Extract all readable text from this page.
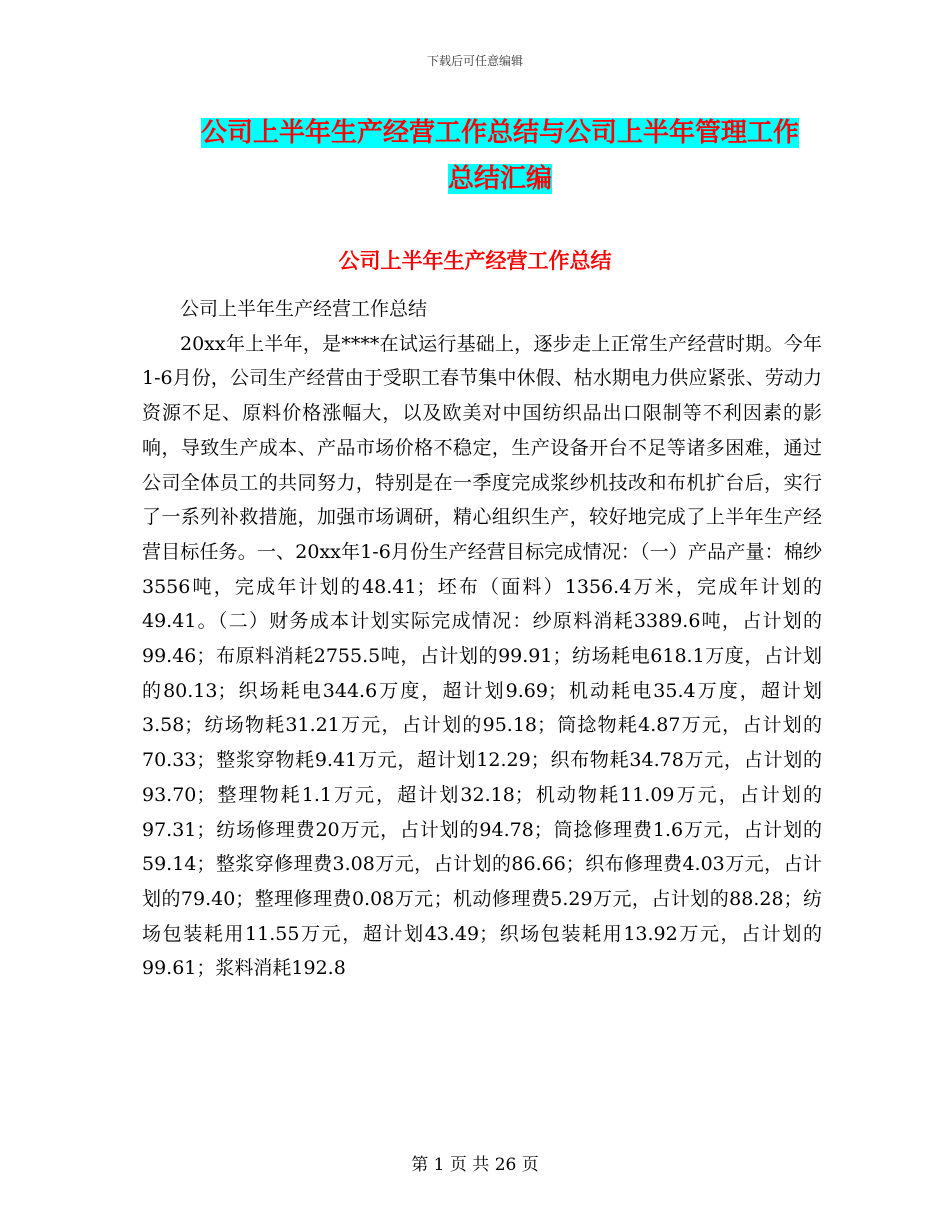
下载后可任意编辑
公司上半年生产经营工作总结与公司上半年管理工作
总结汇编
公司上半年生产经营工作总结

公司上半年生产经营工作总结

20xx年上半年，是****在试运行基础上，逐步走上正常生产经营时期。今年1-6月份，公司生产经营由于受职工春节集中休假、枯水期电力供应紧张、劳动力资源不足、原料价格涨幅大，以及欧美对中国纺织品出口限制等不利因素的影响，导致生产成本、产品市场价格不稳定，生产设备开台不足等诸多困难，通过公司全体员工的共同努力，特别是在一季度完成浆纱机技改和布机扩台后，实行了一系列补救措施，加强市场调研，精心组织生产，较好地完成了上半年生产经营目标任务。一、20xx年1-6月份生产经营目标完成情况：（一）产品产量：棉纱3556吨，完成年计划的48.41；坯布（面料）1356.4万米，完成年计划的49.41。（二）财务成本计划实际完成情况：纱原料消耗3389.6吨，占计划的99.46；布原料消耗2755.5吨，占计划的99.91；纺场耗电618.1万度，占计划的80.13；织场耗电344.6万度，超计划9.69；机动耗电35.4万度，超计划3.58；纺场物耗31.21万元，占计划的95.18；筒捻物耗4.87万元，占计划的70.33；整浆穿物耗9.41万元，超计划12.29；织布物耗34.78万元，占计划的93.70；整理物耗1.1万元，超计划32.18；机动物耗11.09万元，占计划的97.31；纺场修理费20万元，占计划的94.78；筒捻修理费1.6万元，占计划的59.14；整浆穿修理费3.08万元，占计划的86.66；织布修理费4.03万元，占计划的79.40；整理修理费0.08万元；机动修理费5.29万元，占计划的88.28；纺场包装耗用11.55万元，超计划43.49；织场包装耗用13.92万元，占计划的99.61；浆料消耗192.8

第 1 页 共 26 页
